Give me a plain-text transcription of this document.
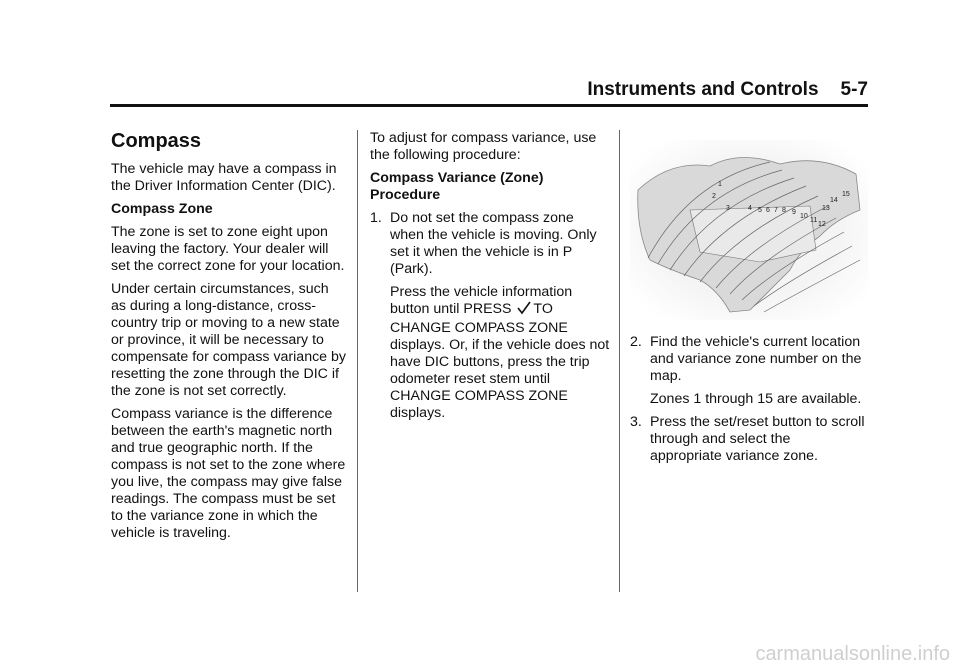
Instruments and Controls 5-7
Compass

The vehicle may have a compass in the Driver Information Center (DIC).

Compass Zone

The zone is set to zone eight upon leaving the factory. Your dealer will set the correct zone for your location.

Under certain circumstances, such as during a long-distance, cross-country trip or moving to a new state or province, it will be necessary to compensate for compass variance by resetting the zone through the DIC if the zone is not set correctly.

Compass variance is the difference between the earth's magnetic north and true geographic north. If the compass is not set to the zone where you live, the compass may give false readings. The compass must be set to the variance zone in which the vehicle is traveling.

To adjust for compass variance, use the following procedure:

Compass Variance (Zone) Procedure

1. Do not set the compass zone when the vehicle is moving. Only set it when the vehicle is in P (Park).

Press the vehicle information button until PRESS TO CHANGE COMPASS ZONE displays. Or, if the vehicle does not have DIC buttons, press the trip odometer reset stem until CHANGE COMPASS ZONE displays.

1
2
3	4 5 6 7 8 9
10
11
12
13
14
15
2. Find the vehicle's current location and variance zone number on the map.

Zones 1 through 15 are available.

3. Press the set/reset button to scroll through and select the appropriate variance zone.

carmanualsonline.info
